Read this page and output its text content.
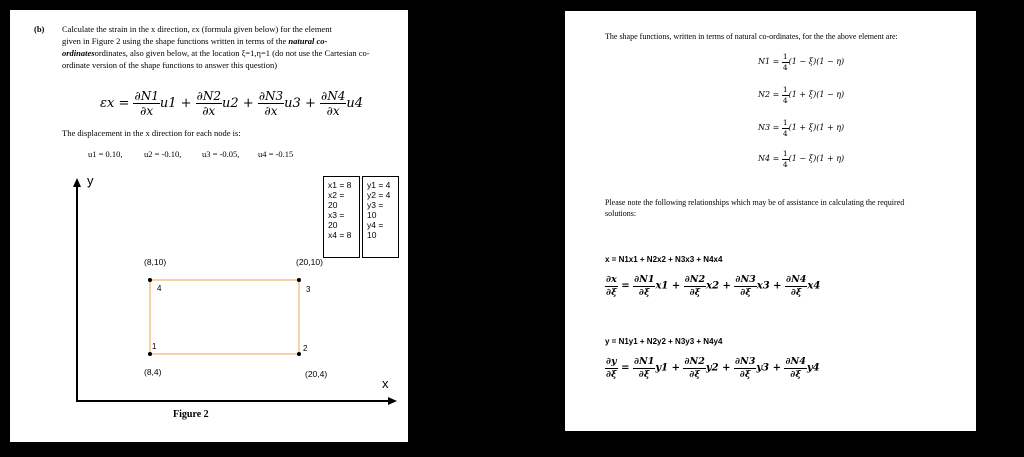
(b) Calculate the strain in the x direction, εx (formula given below) for the element
given in Figure 2 using the shape functions written in terms of the natural co-
ordinatesordinates, also given below, at the location ξ=1,η=1 (do not use the Cartesian co-
ordinate version of the shape functions to answer this question)
$\varepsilon x = \frac{\partial N1}{\partial x} u1 + \frac{\partial N2}{\partial x} u2 + \frac{\partial N3}{\partial x} u3 + \frac{\partial N4}{\partial x} u4$
The displacement in the x direction for each node is:
u1 = 0.10,	u2 = -0.10, u3 = -0.05, u4 = -0.15
y
x
(8,10)	(20,10)
(8,4)	(20,4)
4	3
1	2
x1 = 8
x2 =
20
x3 =
20
x4 = 8
y1 = 4
y2 = 4
y3 =
10
y4 =
10
Figure 2
The shape functions, written in terms of natural co-ordinates, for the the above element are:
$N1 = \frac{1}{4} (1 - \xi)(1 - \eta)$
$N2 = \frac{1}{4} (1 + \xi)(1 - \eta)$
$N3 = \frac{1}{4} (1 + \xi)(1 + \eta)$
$N4 = \frac{1}{4} (1 - \xi)(1 + \eta)$
Please note the following relationships which may be of assistance in calculating the required
solutions:
x = N1x1 + N2x2 + N3x3 + N4x4
$\frac{\partial x}{\partial\xi} = \frac{\partial N1}{\partial\xi} x1 + \frac{\partial N2}{\partial\xi} x2 + \frac{\partial N3}{\partial\xi} x3 + \frac{\partial N4}{\partial\xi} x4$
y = N1y1 + N2y2 + N3y3 + N4y4
$\frac{\partial y}{\partial\xi} = \frac{\partial N1}{\partial\xi} y1 + \frac{\partial N2}{\partial\xi} y2 + \frac{\partial N3}{\partial\xi} y3 + \frac{\partial N4}{\partial\xi} y4$
